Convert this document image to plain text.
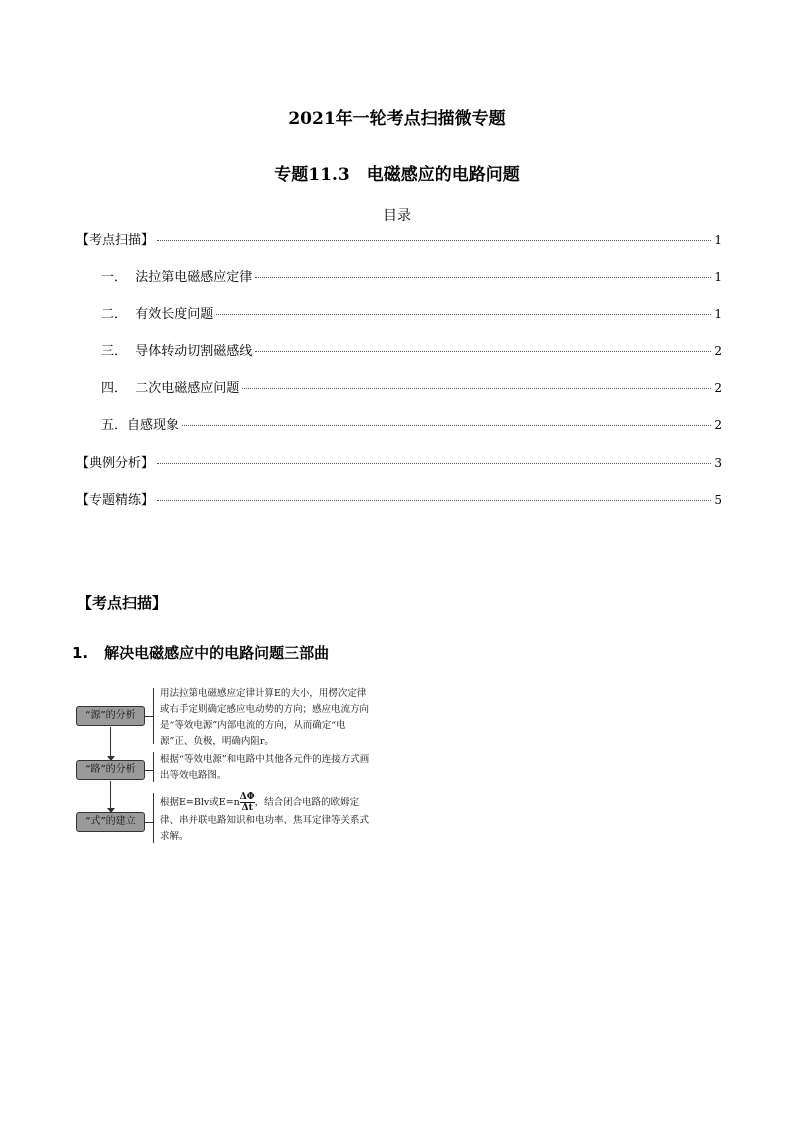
2021年一轮考点扫描微专题
专题11.3　电磁感应的电路问题
目录
【考点扫描】	1
一．  法拉第电磁感应定律	1
二．  有效长度问题	1
三．  导体转动切割磁感线	2
四．  二次电磁感应问题	2
五．自感现象	2
【典例分析】	3
【专题精练】	5
【考点扫描】
1. 解决电磁感应中的电路问题三部曲
“源”的分析
用法拉第电磁感应定律计算E的大小，用楞次定律或右手定则确定感应电动势的方向；感应电流方向是“等效电源”内部电流的方向，从而确定“电源”正、负极，明确内阻r。
“路”的分析
根据“等效电源”和电路中其他各元件的连接方式画出等效电路图。
“式”的建立
根据E=Blv或$E=n \frac{\Delta\Phi}{\Delta t}$ ，结合闭合电路的欧姆定律、串并联电路知识和电功率、焦耳定律等关系式求解。
